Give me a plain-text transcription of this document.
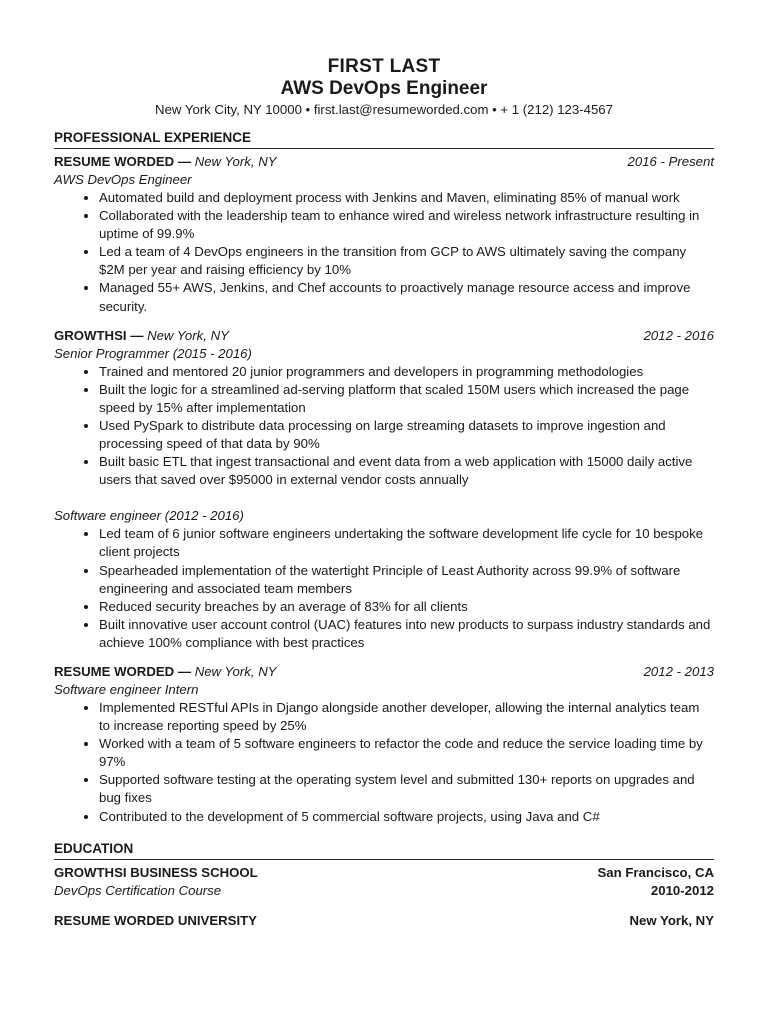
FIRST LAST
AWS DevOps Engineer
New York City, NY 10000 • first.last@resumeworded.com • + 1 (212) 123-4567
PROFESSIONAL EXPERIENCE
RESUME WORDED — New York, NY	2016 - Present
AWS DevOps Engineer
• Automated build and deployment process with Jenkins and Maven, eliminating 85% of manual work
• Collaborated with the leadership team to enhance wired and wireless network infrastructure resulting in uptime of 99.9%
• Led a team of 4 DevOps engineers in the transition from GCP to AWS ultimately saving the company $2M per year and raising efficiency by 10%
• Managed 55+ AWS, Jenkins, and Chef accounts to proactively manage resource access and improve security.
GROWTHSI — New York, NY	2012 - 2016
Senior Programmer (2015 - 2016)
• Trained and mentored 20 junior programmers and developers in programming methodologies
• Built the logic for a streamlined ad-serving platform that scaled 150M users which increased the page speed by 15% after implementation
• Used PySpark to distribute data processing on large streaming datasets to improve ingestion and processing speed of that data by 90%
• Built basic ETL that ingest transactional and event data from a web application with 15000 daily active users that saved over $95000 in external vendor costs annually
Software engineer (2012 - 2016)
• Led team of 6 junior software engineers undertaking the software development life cycle for 10 bespoke client projects
• Spearheaded implementation of the watertight Principle of Least Authority across 99.9% of software engineering and associated team members
• Reduced security breaches by an average of 83% for all clients
• Built innovative user account control (UAC) features into new products to surpass industry standards and achieve 100% compliance with best practices
RESUME WORDED — New York, NY	2012 - 2013
Software engineer Intern
• Implemented RESTful APIs in Django alongside another developer, allowing the internal analytics team to increase reporting speed by 25%
• Worked with a team of 5 software engineers to refactor the code and reduce the service loading time by 97%
• Supported software testing at the operating system level and submitted 130+ reports on upgrades and bug fixes
• Contributed to the development of 5 commercial software projects, using Java and C#
EDUCATION
GROWTHSI BUSINESS SCHOOL	San Francisco, CA
DevOps Certification Course	2010-2012
RESUME WORDED UNIVERSITY	New York, NY
